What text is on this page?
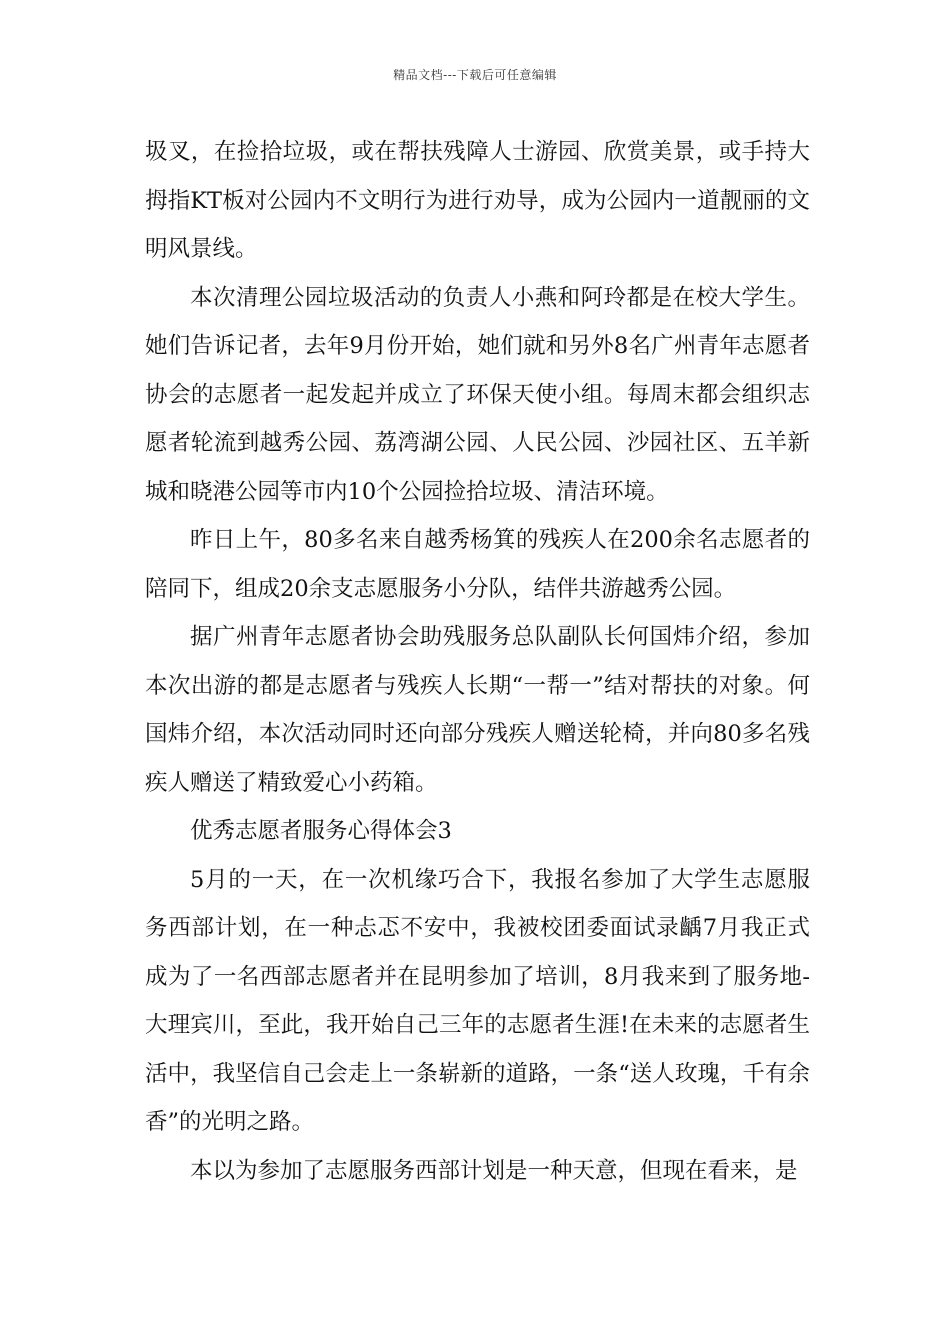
精品文档---下载后可任意编辑

圾叉，在捡拾垃圾，或在帮扶残障人士游园、欣赏美景，或手持大拇指KT板对公园内不文明行为进行劝导，成为公园内一道靓丽的文明风景线。

本次清理公园垃圾活动的负责人小燕和阿玲都是在校大学生。她们告诉记者，去年9月份开始，她们就和另外8名广州青年志愿者协会的志愿者一起发起并成立了环保天使小组。每周末都会组织志愿者轮流到越秀公园、荔湾湖公园、人民公园、沙园社区、五羊新城和晓港公园等市内10个公园捡拾垃圾、清洁环境。

昨日上午，80多名来自越秀杨箕的残疾人在200余名志愿者的陪同下，组成20余支志愿服务小分队，结伴共游越秀公园。

据广州青年志愿者协会助残服务总队副队长何国炜介绍，参加本次出游的都是志愿者与残疾人长期“一帮一”结对帮扶的对象。何国炜介绍，本次活动同时还向部分残疾人赠送轮椅，并向80多名残疾人赠送了精致爱心小药箱。

优秀志愿者服务心得体会3

5月的一天，在一次机缘巧合下，我报名参加了大学生志愿服务西部计划，在一种忐忑不安中，我被校团委面试录齲7月我正式成为了一名西部志愿者并在昆明参加了培训，8月我来到了服务地-大理宾川，至此，我开始自己三年的志愿者生涯!在未来的志愿者生活中，我坚信自己会走上一条崭新的道路，一条“送人玫瑰，千有余香”的光明之路。

本以为参加了志愿服务西部计划是一种天意，但现在看来，是
